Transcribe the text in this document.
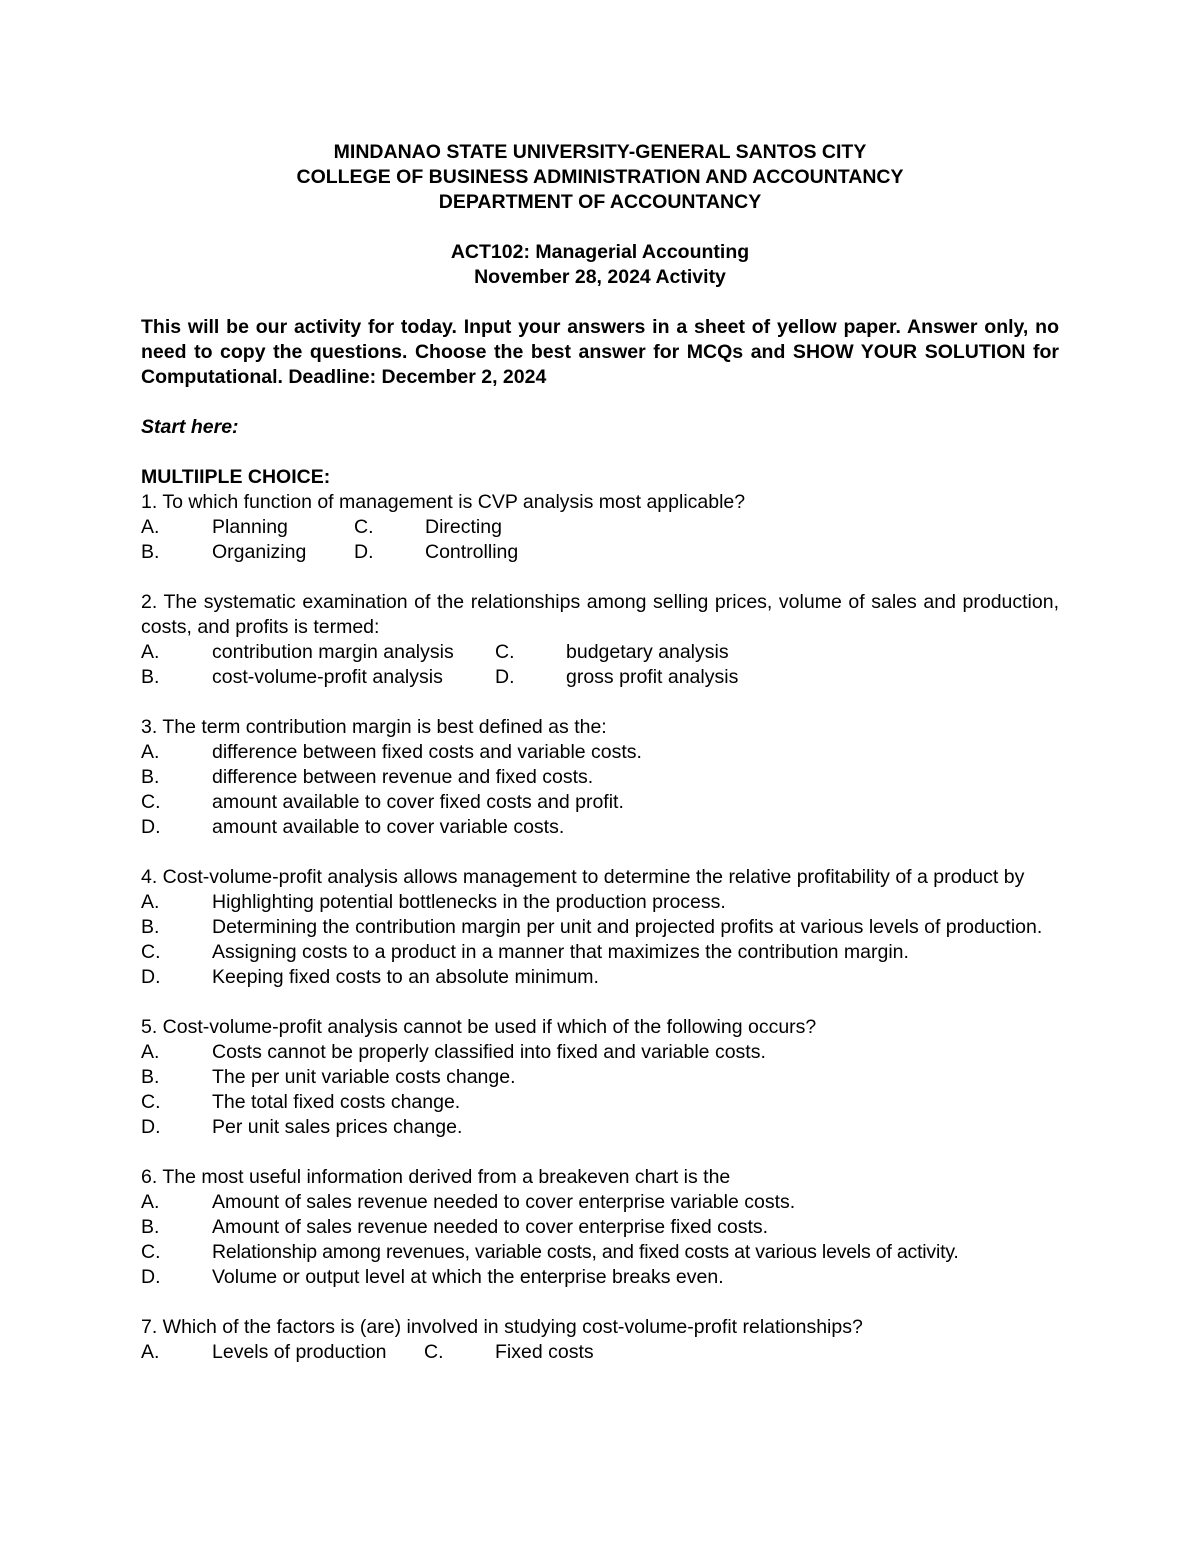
MINDANAO STATE UNIVERSITY-GENERAL SANTOS CITY
COLLEGE OF BUSINESS ADMINISTRATION AND ACCOUNTANCY
DEPARTMENT OF ACCOUNTANCY
ACT102: Managerial Accounting
November 28, 2024 Activity
This will be our activity for today. Input your answers in a sheet of yellow paper. Answer only, no need to copy the questions. Choose the best answer for MCQs and SHOW YOUR SOLUTION for Computational. Deadline: December 2, 2024
Start here:
MULTIIPLE CHOICE:
1. To which function of management is CVP analysis most applicable?
A.	Planning	C.	Directing
B.	Organizing	D.	Controlling
2. The systematic examination of the relationships among selling prices, volume of sales and production, costs, and profits is termed:
A.	contribution margin analysis	C.	budgetary analysis
B.	cost-volume-profit analysis	D.	gross profit analysis
3. The term contribution margin is best defined as the:
A.	difference between fixed costs and variable costs.
B.	difference between revenue and fixed costs.
C.	amount available to cover fixed costs and profit.
D.	amount available to cover variable costs.
4. Cost-volume-profit analysis allows management to determine the relative profitability of a product by
A.	Highlighting potential bottlenecks in the production process.
B.	Determining the contribution margin per unit and projected profits at various levels of production.
C.	Assigning costs to a product in a manner that maximizes the contribution margin.
D.	Keeping fixed costs to an absolute minimum.
5. Cost-volume-profit analysis cannot be used if which of the following occurs?
A.	Costs cannot be properly classified into fixed and variable costs.
B.	The per unit variable costs change.
C.	The total fixed costs change.
D.	Per unit sales prices change.
6. The most useful information derived from a breakeven chart is the
A.	Amount of sales revenue needed to cover enterprise variable costs.
B.	Amount of sales revenue needed to cover enterprise fixed costs.
C.	Relationship among revenues, variable costs, and fixed costs at various levels of activity.
D.	Volume or output level at which the enterprise breaks even.
7. Which of the factors is (are) involved in studying cost-volume-profit relationships?
A.	Levels of production	C.	Fixed costs
